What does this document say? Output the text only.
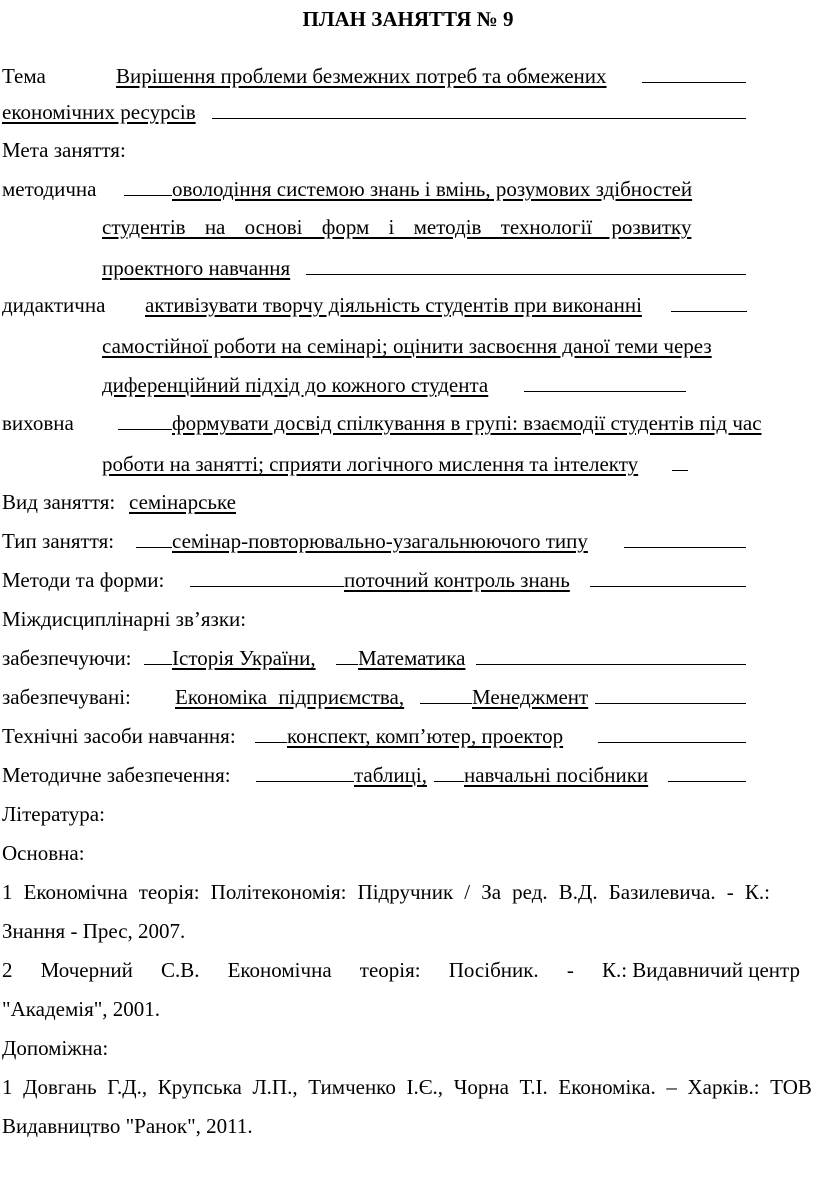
ПЛАН ЗАНЯТТЯ № 9
Тема	Вирішення проблеми безмежних потреб та обмежених
економічних ресурсів
Мета заняття:
методична	оволодіння системою знань і вмінь, розумових здібностей
студентів на основі форм і методів технології розвитку
проектного навчання
дидактична активізувати творчу діяльність студентів при виконанні
самостійної роботи на семінарі; оцінити засвоєння даної теми через
диференційний підхід до кожного студента
виховна	формувати досвід спілкування в групі: взаємодії студентів під час
роботи на занятті; сприяти логічного мислення та інтелекту
Вид заняття: семінарське
Тип заняття:	семінар-повторювально-узагальнюючого типу
Методи та форми:	поточний контроль знань
Міждисциплінарні зв’язки:
забезпечуючи: Історія України, Математика
забезпечувані: Економіка підприємства,	Менеджмент
Технічні засоби навчання: конспект, комп’ютер, проектор
Методичне забезпечення:	таблиці, навчальні посібники
Література:
Основна:
1 Економічна теорія: Політекономія: Підручник / За ред. В.Д. Базилевича. - К.:
Знання - Прес, 2007.
2 Мочерний С.В. Економічна теорія: Посібник. - К.: Видавничий центр
"Академія", 2001.
Допоміжна:
1 Довгань Г.Д., Крупська Л.П., Тимченко І.Є., Чорна Т.І. Економіка. – Харків.: ТОВ
Видавництво "Ранок", 2011.
